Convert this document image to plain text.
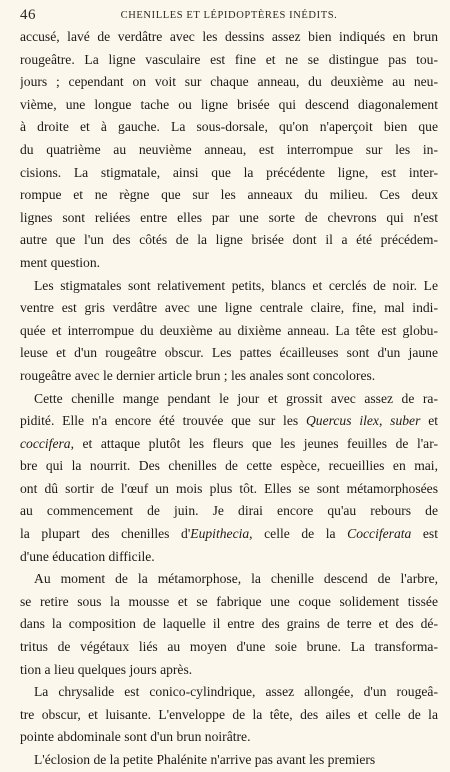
46	CHENILLES ET LÉPIDOPTÈRES INÉDITS.
accusé, lavé de verdâtre avec les dessins assez bien indiqués en brun
rougeâtre. La ligne vasculaire est fine et ne se distingue pas tou-
jours ; cependant on voit sur chaque anneau, du deuxième au neu-
vième, une longue tache ou ligne brisée qui descend diagonalement
à droite et à gauche. La sous-dorsale, qu'on n'aperçoit bien que
du quatrième au neuvième anneau, est interrompue sur les in-
cisions. La stigmatale, ainsi que la précédente ligne, est inter-
rompue et ne règne que sur les anneaux du milieu. Ces deux
lignes sont reliées entre elles par une sorte de chevrons qui n'est
autre que l'un des côtés de la ligne brisée dont il a été précédem-
ment question.
Les stigmatales sont relativement petits, blancs et cerclés de noir. Le
ventre est gris verdâtre avec une ligne centrale claire, fine, mal indi-
quée et interrompue du deuxième au dixième anneau. La tête est globu-
leuse et d'un rougeâtre obscur. Les pattes écailleuses sont d'un jaune
rougeâtre avec le dernier article brun ; les anales sont concolores.
Cette chenille mange pendant le jour et grossit avec assez de ra-
pidité. Elle n'a encore été trouvée que sur les Quercus ilex, suber et
coccifera, et attaque plutôt les fleurs que les jeunes feuilles de l'ar-
bre qui la nourrit. Des chenilles de cette espèce, recueillies en mai,
ont dû sortir de l'œuf un mois plus tôt. Elles se sont métamorphosées
au commencement de juin. Je dirai encore qu'au rebours de
la plupart des chenilles d'Eupithecia, celle de la Cocciferata est
d'une éducation difficile.
Au moment de la métamorphose, la chenille descend de l'arbre,
se retire sous la mousse et se fabrique une coque solidement tissée
dans la composition de laquelle il entre des grains de terre et des dé-
tritus de végétaux liés au moyen d'une soie brune. La transforma-
tion a lieu quelques jours après.
La chrysalide est conico-cylindrique, assez allongée, d'un rougeâ-
tre obscur, et luisante. L'enveloppe de la tête, des ailes et celle de la
pointe abdominale sont d'un brun noirâtre.
L'éclosion de la petite Phalénite n'arrive pas avant les premiers
